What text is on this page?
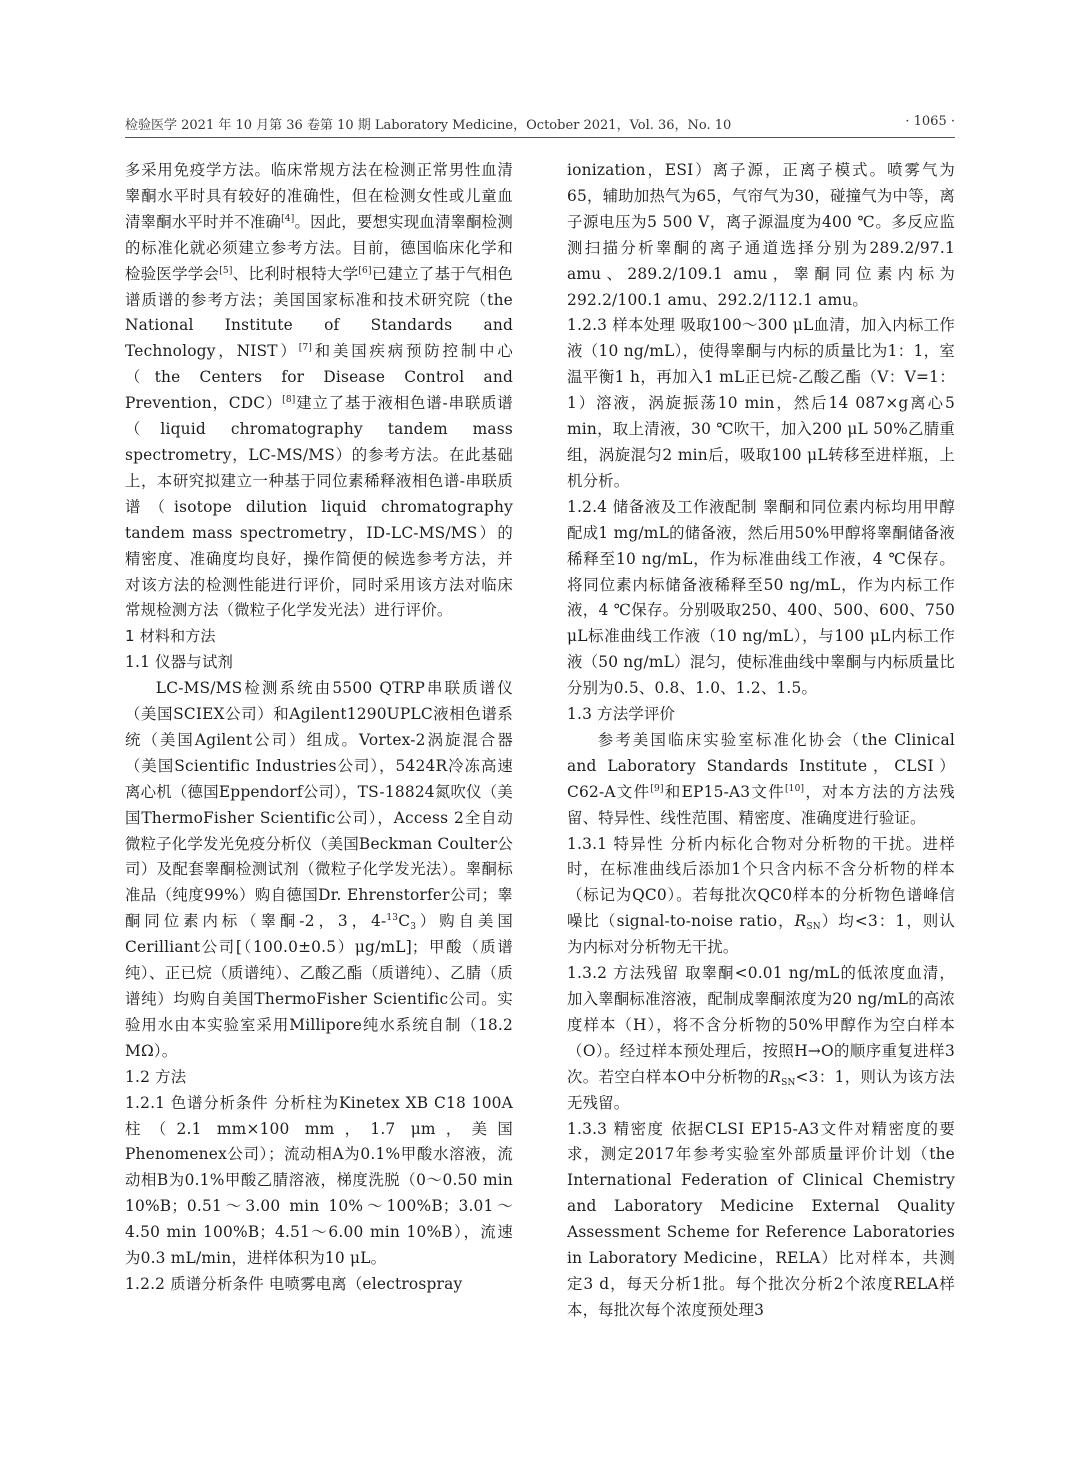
检验医学 2021 年 10 月第 36 卷第 10 期 Laboratory Medicine，October 2021，Vol. 36，No. 10	· 1065 ·

多采用免疫学方法。临床常规方法在检测正常男性血清睾酮水平时具有较好的准确性，但在检测女性或儿童血清睾酮水平时并不准确[4]。因此，要想实现血清睾酮检测的标准化就必须建立参考方法。目前，德国临床化学和检验医学学会[5]、比利时根特大学[6]已建立了基于气相色谱质谱的参考方法；美国国家标准和技术研究院（the National Institute of Standards and Technology，NIST）[7]和美国疾病预防控制中心（the Centers for Disease Control and Prevention，CDC）[8]建立了基于液相色谱-串联质谱（liquid chromatography tandem mass spectrometry，LC-MS/MS）的参考方法。在此基础上，本研究拟建立一种基于同位素稀释液相色谱-串联质谱（isotope dilution liquid chromatography tandem mass spectrometry，ID-LC-MS/MS）的精密度、准确度均良好，操作简便的候选参考方法，并对该方法的检测性能进行评价，同时采用该方法对临床常规检测方法（微粒子化学发光法）进行评价。

1 材料和方法

1.1 仪器与试剂

LC-MS/MS检测系统由5500 QTRP串联质谱仪（美国SCIEX公司）和Agilent1290UPLC液相色谱系统（美国Agilent公司）组成。Vortex-2涡旋混合器（美国Scientific Industries公司），5424R冷冻高速离心机（德国Eppendorf公司），TS-18824氮吹仪（美国ThermoFisher Scientific公司），Access 2全自动微粒子化学发光免疫分析仪（美国Beckman Coulter公司）及配套睾酮检测试剂（微粒子化学发光法）。睾酮标准品（纯度99%）购自德国Dr. Ehrenstorfer公司；睾酮同位素内标（睾酮-2，3，$4-^{13}C_3$）购自美国Cerilliant公司[（100.0±0.5）μg/mL]；甲酸（质谱纯）、正已烷（质谱纯）、乙酸乙酯（质谱纯）、乙腈（质谱纯）均购自美国ThermoFisher Scientific公司。实验用水由本实验室采用Millipore纯水系统自制（18.2 MΩ）。

1.2 方法

1.2.1 色谱分析条件 分析柱为Kinetex XB C18 100A柱（2.1 mm×100 mm，1.7 μm，美国Phenomenex公司）；流动相A为0.1%甲酸水溶液，流动相B为0.1%甲酸乙腈溶液，梯度洗脱（0～0.50 min 10%B；0.51～3.00 min 10%～100%B；3.01～4.50 min 100%B；4.51～6.00 min 10%B），流速为0.3 mL/min，进样体积为10 μL。

1.2.2 质谱分析条件 电喷雾电离（electrospray

ionization，ESI）离子源，正离子模式。喷雾气为65，辅助加热气为65，气帘气为30，碰撞气为中等，离子源电压为5 500 V，离子源温度为400 ℃。多反应监测扫描分析睾酮的离子通道选择分别为289.2/97.1 amu、289.2/109.1 amu，睾酮同位素内标为292.2/100.1 amu、292.2/112.1 amu。

1.2.3 样本处理 吸取100～300 μL血清，加入内标工作液（10 ng/mL），使得睾酮与内标的质量比为1：1，室温平衡1 h，再加入1 mL正已烷-乙酸乙酯（V：V=1：1）溶液，涡旋振荡10 min，然后14 087×g离心5 min，取上清液，30 ℃吹干，加入200 μL 50%乙腈重组，涡旋混匀2 min后，吸取100 μL转移至进样瓶，上机分析。

1.2.4 储备液及工作液配制 睾酮和同位素内标均用甲醇配成1 mg/mL的储备液，然后用50%甲醇将睾酮储备液稀释至10 ng/mL，作为标准曲线工作液，4 ℃保存。将同位素内标储备液稀释至50 ng/mL，作为内标工作液，4 ℃保存。分别吸取250、400、500、600、750 μL标准曲线工作液（10 ng/mL），与100 μL内标工作液（50 ng/mL）混匀，使标准曲线中睾酮与内标质量比分别为0.5、0.8、1.0、1.2、1.5。

1.3 方法学评价

参考美国临床实验室标准化协会（the Clinical and Laboratory Standards Institute，CLSI）C62-A文件[9]和EP15-A3文件[10]，对本方法的方法残留、特异性、线性范围、精密度、准确度进行验证。

1.3.1 特异性 分析内标化合物对分析物的干扰。进样时，在标准曲线后添加1个只含内标不含分析物的样本（标记为QC0）。若每批次QC0样本的分析物色谱峰信噪比（signal-to-noise ratio，$R_{SN}$）均<3：1，则认为内标对分析物无干扰。

1.3.2 方法残留 取睾酮<0.01 ng/mL的低浓度血清，加入睾酮标准溶液，配制成睾酮浓度为20 ng/mL的高浓度样本（H），将不含分析物的50%甲醇作为空白样本（O）。经过样本预处理后，按照H→O的顺序重复进样3次。若空白样本O中分析物的$R_{SN}<3$：1，则认为该方法无残留。

1.3.3 精密度 依据CLSI EP15-A3文件对精密度的要求，测定2017年参考实验室外部质量评价计划（the International Federation of Clinical Chemistry and Laboratory Medicine External Quality Assessment Scheme for Reference Laboratories in Laboratory Medicine，RELA）比对样本，共测定3 d，每天分析1批。每个批次分析2个浓度RELA样本，每批次每个浓度预处理3
